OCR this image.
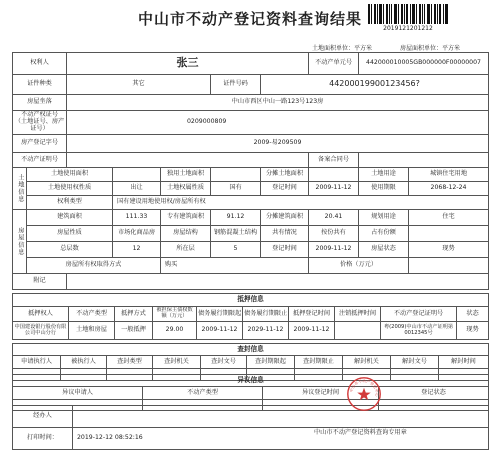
中山市不动产登记资料查询结果
2019121201212
土地面积单位：平方米	房屋面积单位：平方米
权利人		张三					不动产单元号	442000010005GB000000F00000007	
证件种类		其它			证件号码	44200019900123456?			
房屋坐落		中山市西区中山一路123号123房							
不动产权证号
（土地证号、房产证号）		0209000809							
房产登记字号		2009-易209509							
不动产证明号							备案合同号		
土地信息	土地使用面积			独用土地面积		分摊土地面积		土地用途	城镇住宅用地
	土地使用权性质		出让	土地权属性质	国有	登记时间	2009-11-12	使用期限	2068-12-24
	权利类型		国有建设用地使用权/房屋所有权						
房屋信息	建筑面积		111.33	专有建筑面积	91.12	分摊建筑面积	20.41	规划用途	住宅
	房屋性质		市场化商品房	房屋结构	钢筋混凝土结构	共有情况	按份共有	占有份额	
	总层数		12	所在层	5	登记时间	2009-11-12	房屋状态	现势
	房屋所有权取得方式			购买			价格（万元）		
附记									
抵押信息									
抵押权人	不动产类型	抵押方式	被担保主债权数额（万元）	债务履行期限起	债务履行期限止	抵押登记时间	注销抵押时间	不动产登记证明号	状态
中国建设银行股份有限公司中山分行	土地和房屋	一般抵押	29.00	2009-11-12	2029-11-12	2009-11-12		粤(2009)中山市不动产证明第0012345号	现势
查封信息									
申请执行人	被执行人	查封类型	查封机关	查封文号	查封期限起	查封期限止	解封机关	解封文号	解封时间

异议信息			
异议申请人	不动产类型	异议登记时间	登记状态

经办人	
打印时间：	2019-12-12 08:52:16
中山市不动产登记中心
中山市不动产登记资料查询专用章
